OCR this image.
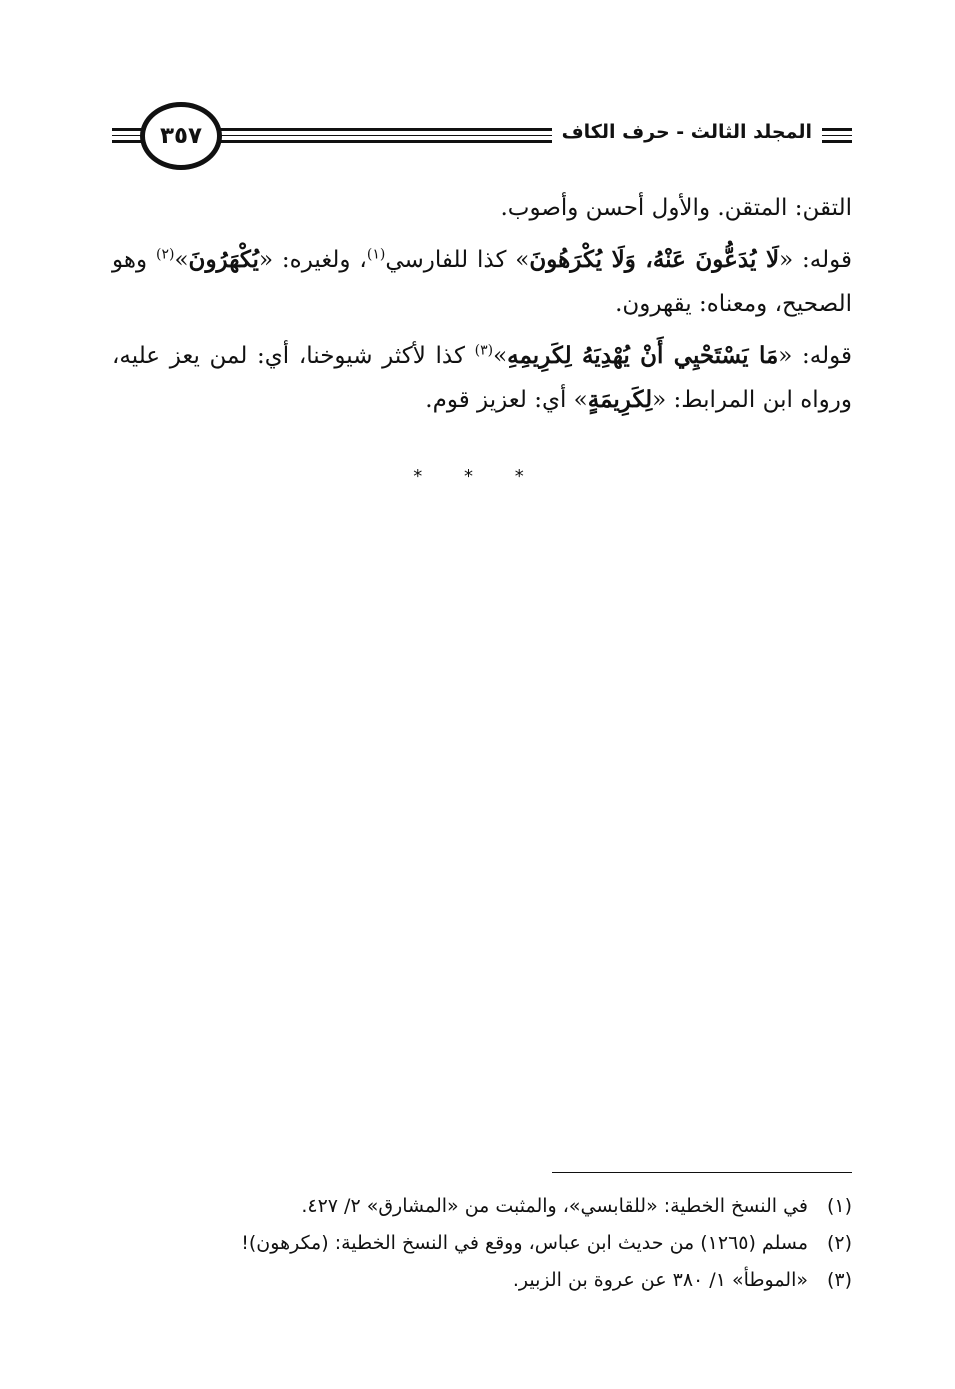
المجلد الثالث - حرف الكاف
٣٥٧

التقن: المتقن. والأول أحسن وأصوب.

قوله: «لَا يُدَعُّونَ عَنْهُ، وَلَا يُكْرَهُونَ» كذا للفارسي$^{(١)}$، ولغيره: «يُكْهَرُونَ»$^{(٢)}$ وهو الصحيح، ومعناه: يقهرون.

قوله: «مَا يَسْتَحْيِي أَنْ يُهْدِيَهُ لِكَرِيمِهِ»$^{(٣)}$ كذا لأكثر شيوخنا، أي: لمن يعز عليه، ورواه ابن المرابط: «لِكَرِيمَةٍ» أي: لعزيز قوم.

* * *
(١)
في النسخ الخطية: «للقابسي»، والمثبت من «المشارق» ٢/ ٤٢٧.
(٢)
مسلم (١٢٦٥) من حديث ابن عباس، ووقع في النسخ الخطية: (مكرهون)!
(٣)
«الموطأ» ١/ ٣٨٠ عن عروة بن الزبير.
